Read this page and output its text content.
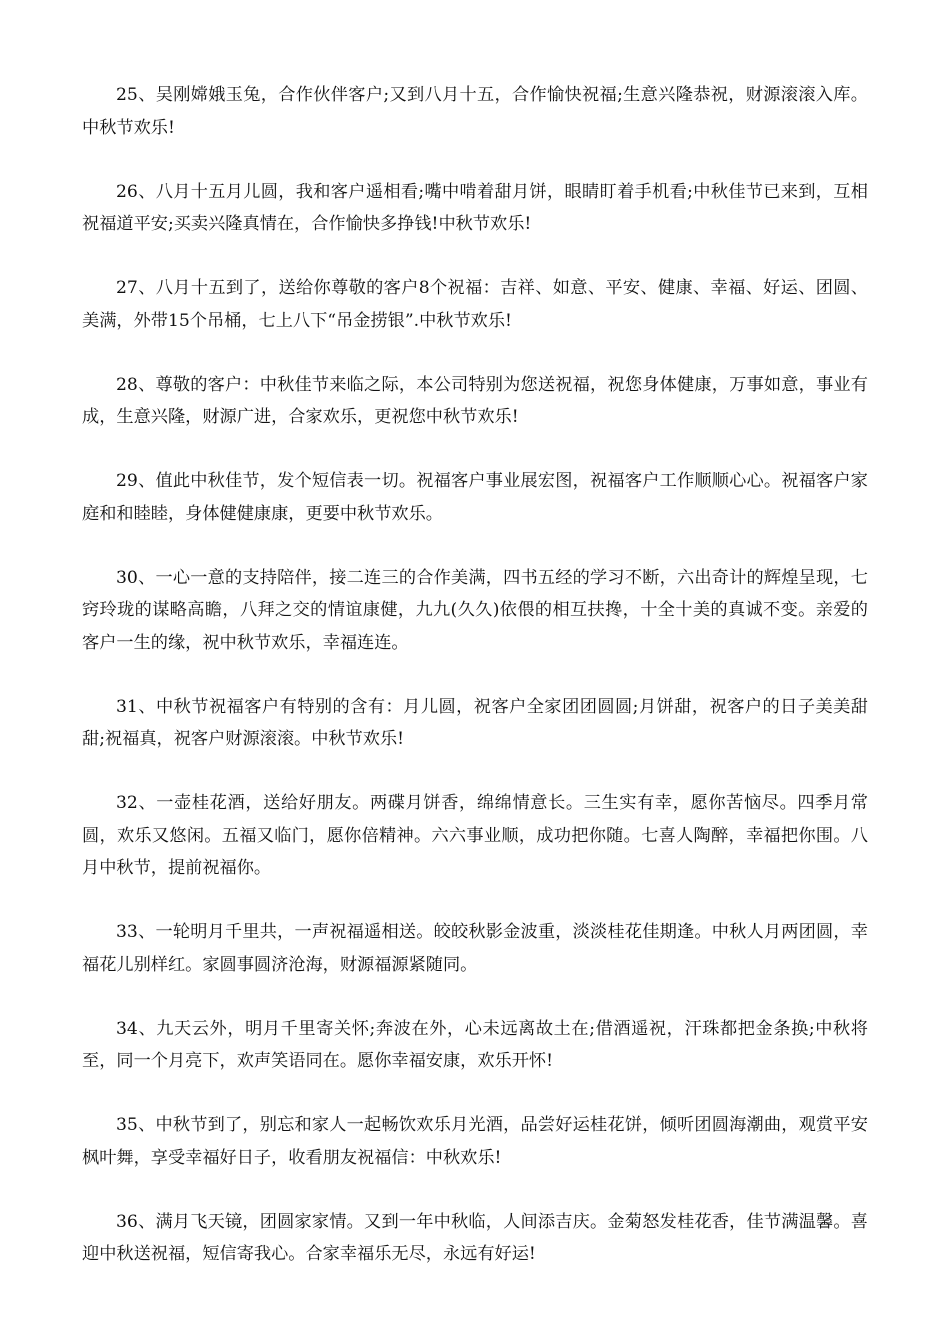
25、吴刚嫦娥玉兔，合作伙伴客户;又到八月十五，合作愉快祝福;生意兴隆恭祝，财源滚滚入库。中秋节欢乐!

26、八月十五月儿圆，我和客户遥相看;嘴中啃着甜月饼，眼睛盯着手机看;中秋佳节已来到，互相祝福道平安;买卖兴隆真情在，合作愉快多挣钱!中秋节欢乐!

27、八月十五到了，送给你尊敬的客户8个祝福：吉祥、如意、平安、健康、幸福、好运、团圆、美满，外带15个吊桶，七上八下“吊金捞银”.中秋节欢乐!

28、尊敬的客户：中秋佳节来临之际，本公司特别为您送祝福，祝您身体健康，万事如意，事业有成，生意兴隆，财源广进，合家欢乐，更祝您中秋节欢乐!

29、值此中秋佳节，发个短信表一切。祝福客户事业展宏图，祝福客户工作顺顺心心。祝福客户家庭和和睦睦，身体健健康康，更要中秋节欢乐。

30、一心一意的支持陪伴，接二连三的合作美满，四书五经的学习不断，六出奇计的辉煌呈现，七窍玲珑的谋略高瞻，八拜之交的情谊康健，九九(久久)依偎的相互扶搀，十全十美的真诚不变。亲爱的客户一生的缘，祝中秋节欢乐，幸福连连。

31、中秋节祝福客户有特别的含有：月儿圆，祝客户全家团团圆圆;月饼甜，祝客户的日子美美甜甜;祝福真，祝客户财源滚滚。中秋节欢乐!

32、一壶桂花酒，送给好朋友。两碟月饼香，绵绵情意长。三生实有幸，愿你苦恼尽。四季月常圆，欢乐又悠闲。五福又临门，愿你倍精神。六六事业顺，成功把你随。七喜人陶醉，幸福把你围。八月中秋节，提前祝福你。

33、一轮明月千里共，一声祝福遥相送。皎皎秋影金波重，淡淡桂花佳期逢。中秋人月两团圆，幸福花儿别样红。家圆事圆济沧海，财源福源紧随同。

34、九天云外，明月千里寄关怀;奔波在外，心未远离故土在;借酒遥祝，汗珠都把金条换;中秋将至，同一个月亮下，欢声笑语同在。愿你幸福安康，欢乐开怀!

35、中秋节到了，别忘和家人一起畅饮欢乐月光酒，品尝好运桂花饼，倾听团圆海潮曲，观赏平安枫叶舞，享受幸福好日子，收看朋友祝福信：中秋欢乐!

36、满月飞天镜，团圆家家情。又到一年中秋临，人间添吉庆。金菊怒发桂花香，佳节满温馨。喜迎中秋送祝福，短信寄我心。合家幸福乐无尽，永远有好运!
